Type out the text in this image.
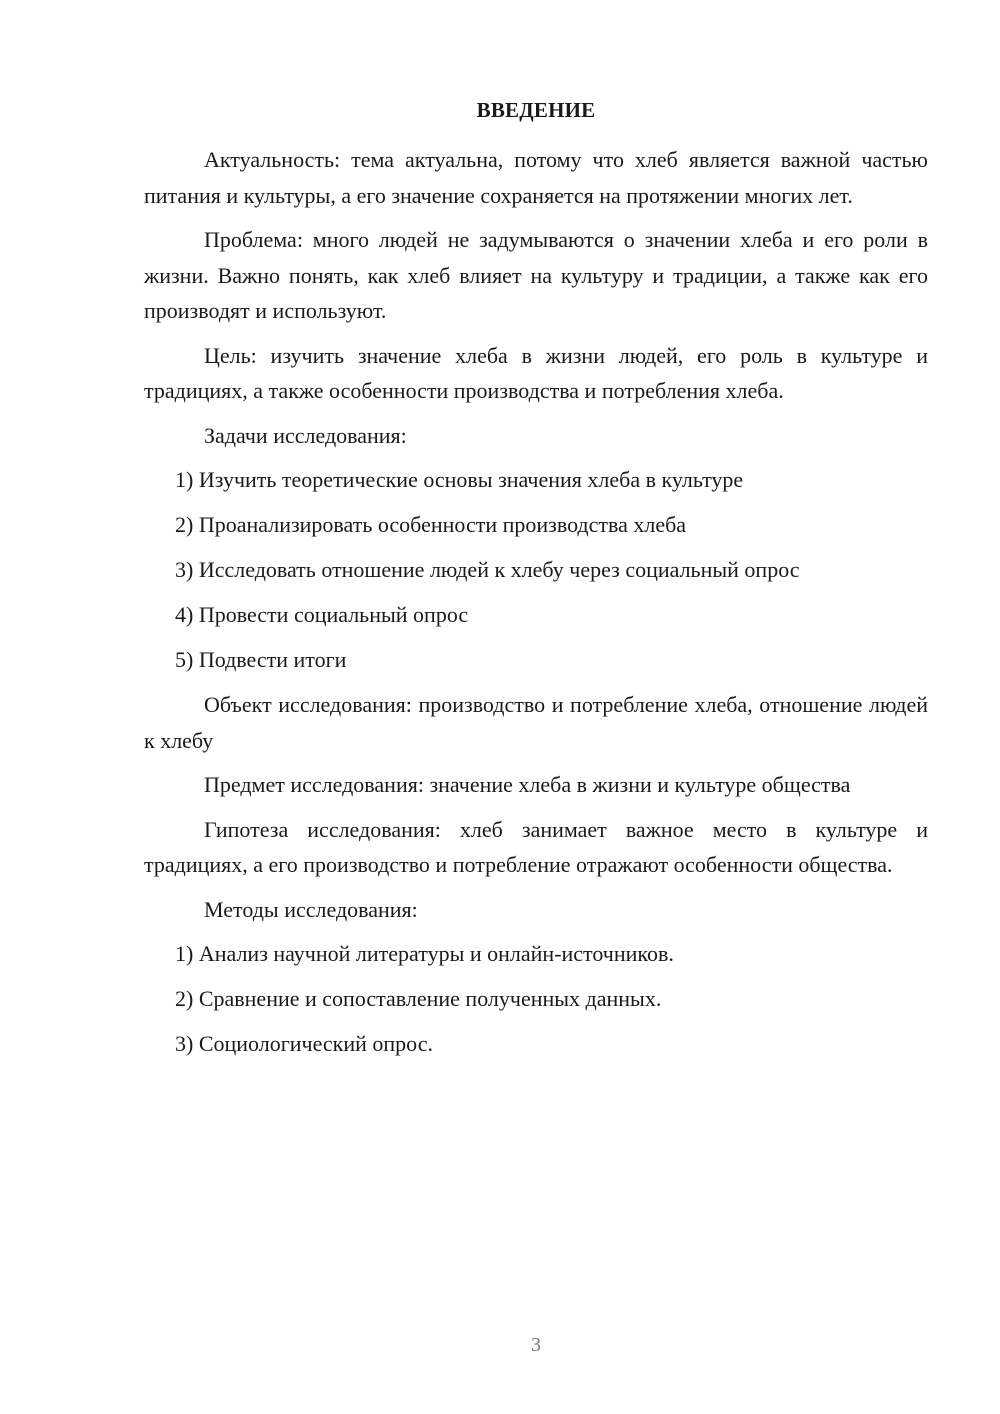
ВВЕДЕНИЕ

Актуальность: тема актуальна, потому что хлеб является важной частью питания и культуры, а его значение сохраняется на протяжении многих лет.

Проблема: много людей не задумываются о значении хлеба и его роли в жизни. Важно понять, как хлеб влияет на культуру и традиции, а также как его производят и используют.

Цель: изучить значение хлеба в жизни людей, его роль в культуре и традициях, а также особенности производства и потребления хлеба.

Задачи исследования:
1) Изучить теоретические основы значения хлеба в культуре
2) Проанализировать особенности производства хлеба
3) Исследовать отношение людей к хлебу через социальный опрос
4) Провести социальный опрос
5) Подвести итоги

Объект исследования: производство и потребление хлеба, отношение людей к хлебу

Предмет исследования: значение хлеба в жизни и культуре общества

Гипотеза исследования: хлеб занимает важное место в культуре и традициях, а его производство и потребление отражают особенности общества.

Методы исследования:
1) Анализ научной литературы и онлайн-источников.
2) Сравнение и сопоставление полученных данных.
3) Социологический опрос.
3
